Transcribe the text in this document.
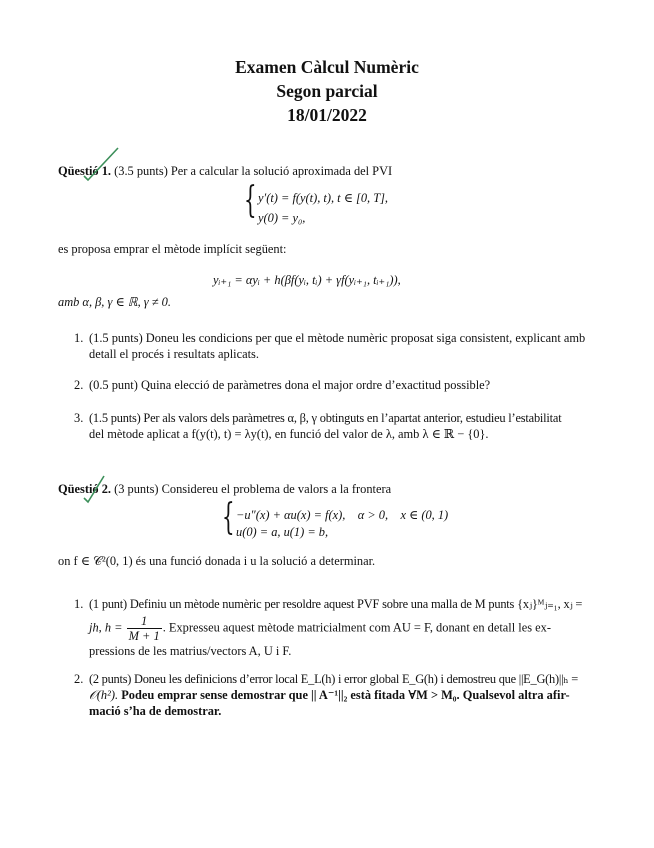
Examen Càlcul Numèric
Segon parcial
18/01/2022
Qüestió 1. (3.5 punts) Per a calcular la solució aproximada del PVI
{ y′(t) = f(y(t), t), t ∈ [0, T],
y(0) = y₀,
es proposa emprar el mètode implícit següent:
yᵢ₊₁ = αyᵢ + h(βf(yᵢ, tᵢ) + γf(yᵢ₊₁, tᵢ₊₁)),
amb α, β, γ ∈ ℝ, γ ≠ 0.
1. (1.5 punts) Doneu les condicions per que el mètode numèric proposat siga consistent, explicant amb
detall el procés i resultats aplicats.
2. (0.5 punt) Quina elecció de paràmetres dona el major ordre d’exactitud possible?
3. (1.5 punts) Per als valors dels paràmetres α, β, γ obtinguts en l’apartat anterior, estudieu l’estabilitat
del mètode aplicat a f(y(t), t) = λy(t), en funció del valor de λ, amb λ ∈ ℝ − {0}.
Qüestió 2. (3 punts) Considereu el problema de valors a la frontera
{ −u″(x) + αu(x) = f(x),    α > 0,    x ∈ (0, 1)
u(0) = a, u(1) = b,
on f ∈ 𝒞²(0, 1) és una funció donada i u la solució a determinar.
1. (1 punt) Definiu un mètode numèric per resoldre aquest PVF sobre una malla de M punts {xⱼ}ᴹⱼ₌₁, xⱼ =
jh, $h = \frac{1}{M + 1}$ . Expresseu aquest mètode matricialment com AU = F, donant en detall les ex-
pressions de les matrius/vectors A, U i F.
2. (2 punts) Doneu les definicions d’error local E_L(h) i error global E_G(h) i demostreu que ||E_G(h)||ₕ =
𝒪(h²). Podeu emprar sense demostrar que || A⁻¹||₂ està fitada ∀M > M₀. Qualsevol altra afir-
mació s’ha de demostrar.
